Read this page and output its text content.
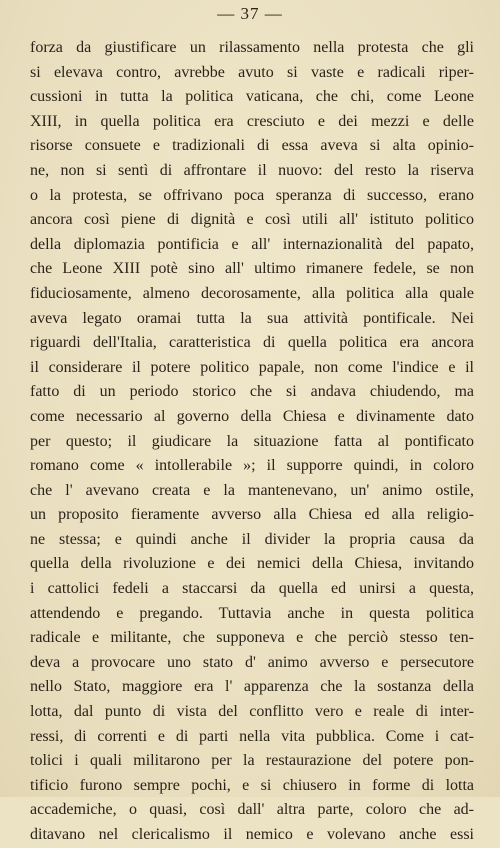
— 37 —
forza da giustificare un rilassamento nella protesta che gli
si elevava contro, avrebbe avuto si vaste e radicali riper-
cussioni in tutta la politica vaticana, che chi, come Leone
XIII, in quella politica era cresciuto e dei mezzi e delle
risorse consuete e tradizionali di essa aveva si alta opinio-
ne, non si sentì di affrontare il nuovo: del resto la riserva
o la protesta, se offrivano poca speranza di successo, erano
ancora così piene di dignità e così utili all' istituto politico
della diplomazia pontificia e all' internazionalità del papato,
che Leone XIII potè sino all' ultimo rimanere fedele, se non
fiduciosamente, almeno decorosamente, alla politica alla quale
aveva legato oramai tutta la sua attività pontificale. Nei
riguardi dell'Italia, caratteristica di quella politica era ancora
il considerare il potere politico papale, non come l'indice e il
fatto di un periodo storico che si andava chiudendo, ma
come necessario al governo della Chiesa e divinamente dato
per questo; il giudicare la situazione fatta al pontificato
romano come « intollerabile »; il supporre quindi, in coloro
che l' avevano creata e la mantenevano, un' animo ostile,
un proposito fieramente avverso alla Chiesa ed alla religio-
ne stessa; e quindi anche il divider la propria causa da
quella della rivoluzione e dei nemici della Chiesa, invitando
i cattolici fedeli a staccarsi da quella ed unirsi a questa,
attendendo e pregando. Tuttavia anche in questa politica
radicale e militante, che supponeva e che perciò stesso ten-
deva a provocare uno stato d' animo avverso e persecutore
nello Stato, maggiore era l' apparenza che la sostanza della
lotta, dal punto di vista del conflitto vero e reale di inter-
ressi, di correnti e di parti nella vita pubblica. Come i cat-
tolici i quali militarono per la restaurazione del potere pon-
tificio furono sempre pochi, e si chiusero in forme di lotta
accademiche, o quasi, così dall' altra parte, coloro che ad-
ditavano nel clericalismo il nemico e volevano anche essi
